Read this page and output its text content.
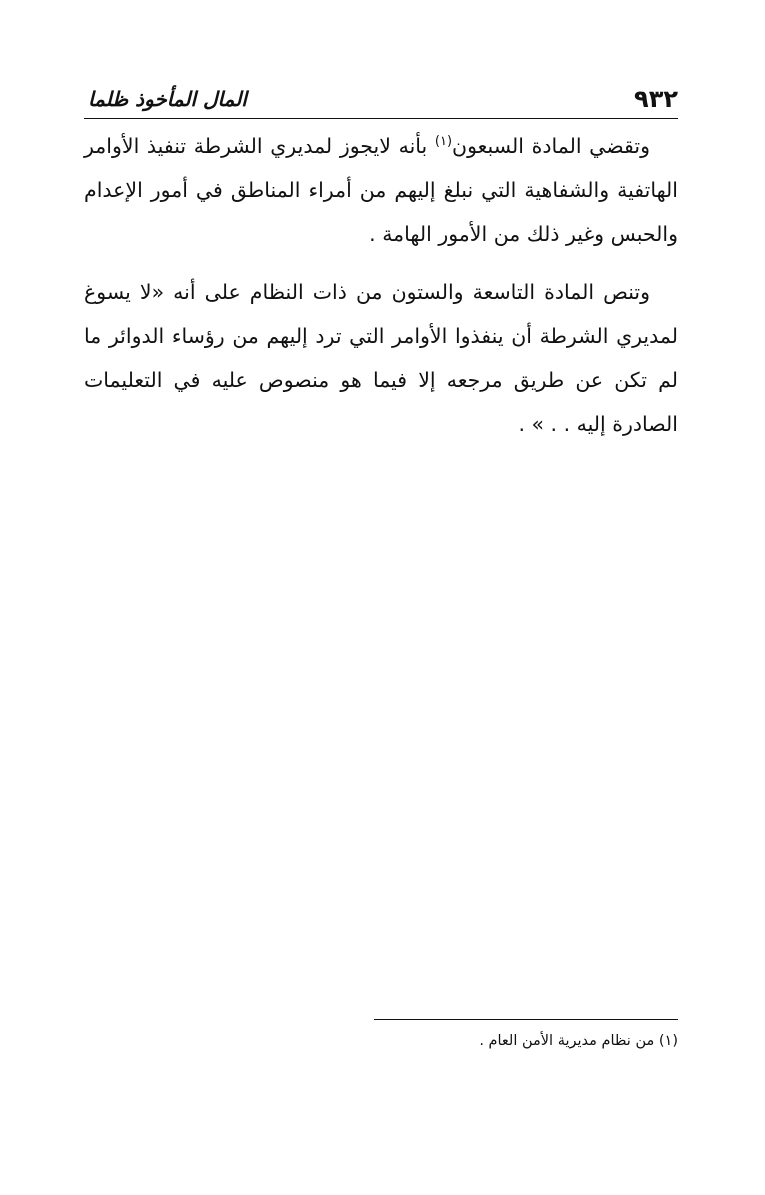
٩٣٢
المال المأخوذ ظلما

وتقضي المادة السبعون$^{(١)}$ بأنه لايجوز لمديري الشرطة تنفيذ الأوامر الهاتفية والشفاهية التي نبلغ إليهم من أمراء المناطق في أمور الإعدام والحبس وغير ذلك من الأمور الهامة .

وتنص المادة التاسعة والستون من ذات النظام على أنه «لا يسوغ لمديري الشرطة أن ينفذوا الأوامر التي ترد إليهم من رؤساء الدوائر ما لم تكن عن طريق مرجعه إلا فيما هو منصوص عليه في التعليمات الصادرة إليه . . » .

(١) من نظام مديرية الأمن العام .
